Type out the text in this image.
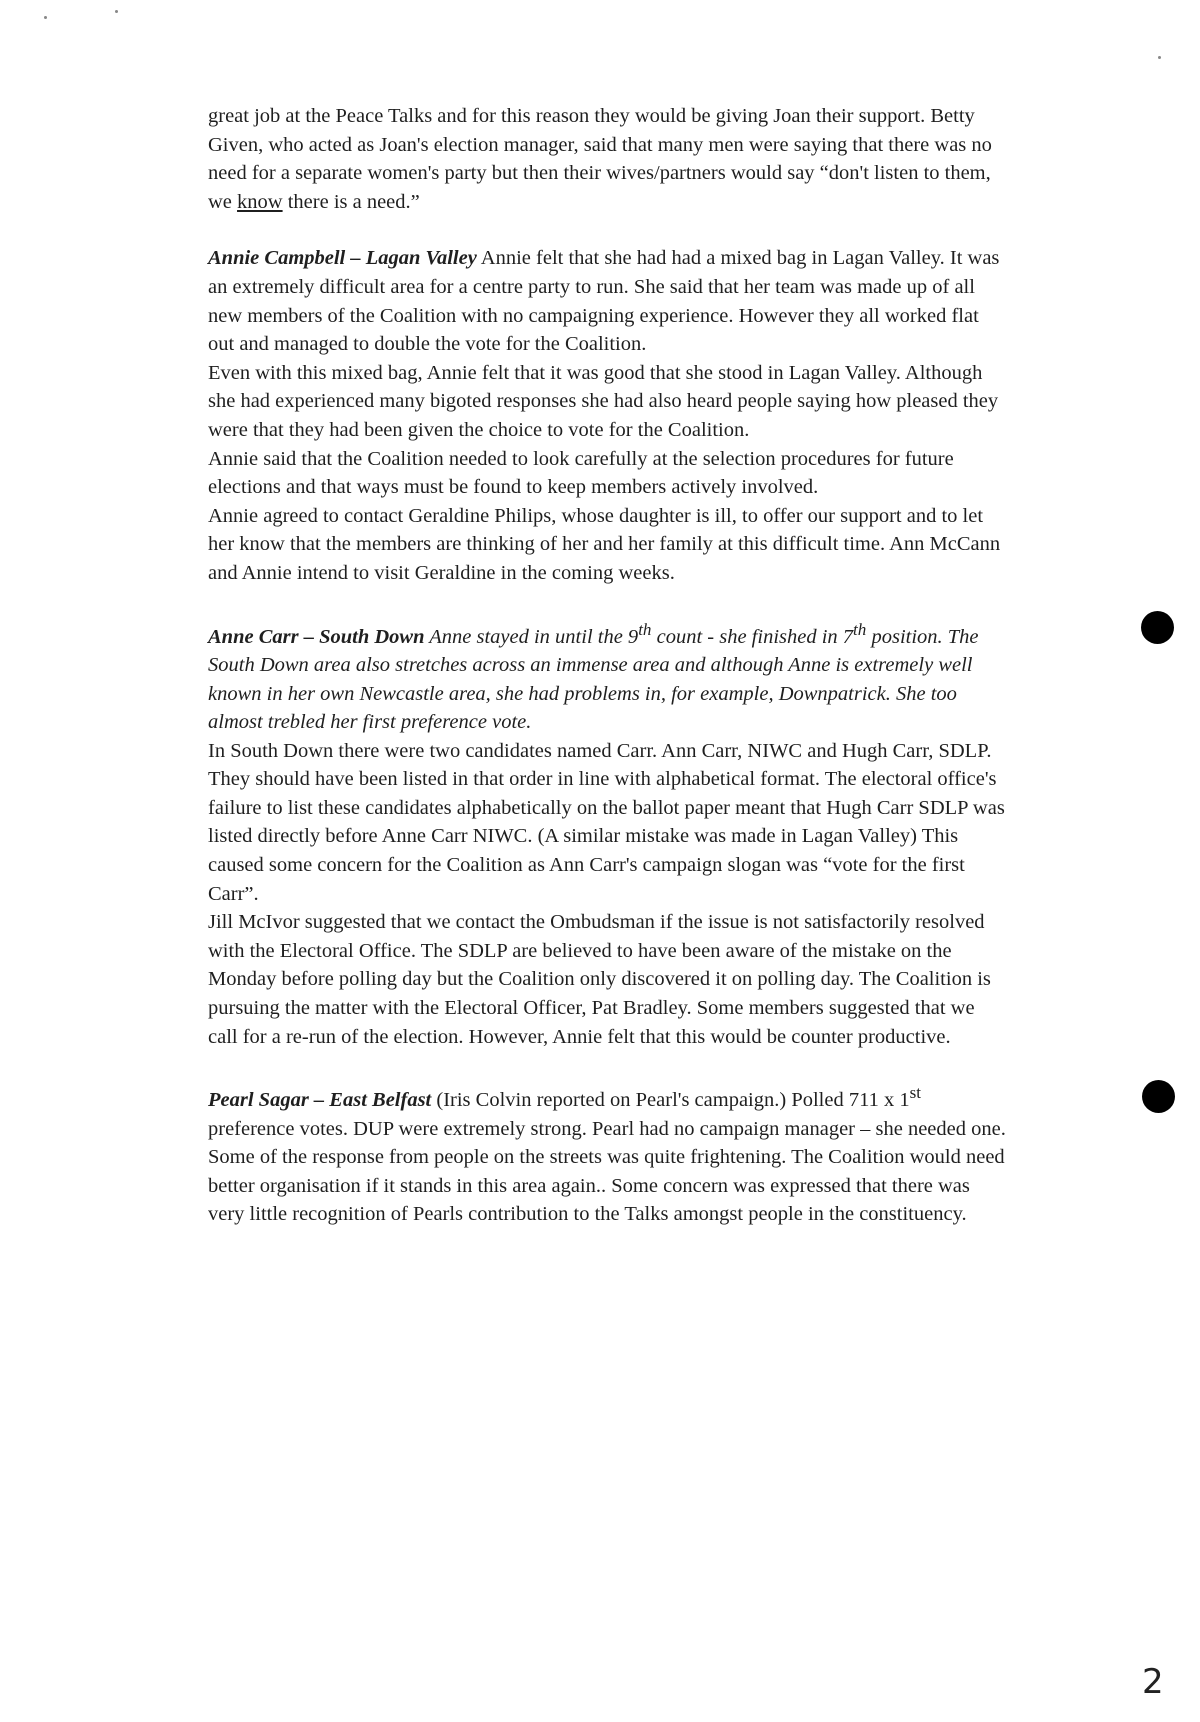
great job at the Peace Talks and for this reason they would be giving Joan their support. Betty Given, who acted as Joan's election manager, said that many men were saying that there was no need for a separate women's party but then their wives/partners would say “don't listen to them, we know there is a need.”

Annie Campbell – Lagan Valley Annie felt that she had had a mixed bag in Lagan Valley. It was an extremely difficult area for a centre party to run. She said that her team was made up of all new members of the Coalition with no campaigning experience. However they all worked flat out and managed to double the vote for the Coalition.

Even with this mixed bag, Annie felt that it was good that she stood in Lagan Valley. Although she had experienced many bigoted responses she had also heard people saying how pleased they were that they had been given the choice to vote for the Coalition.

Annie said that the Coalition needed to look carefully at the selection procedures for future elections and that ways must be found to keep members actively involved.

Annie agreed to contact Geraldine Philips, whose daughter is ill, to offer our support and to let her know that the members are thinking of her and her family at this difficult time. Ann McCann and Annie intend to visit Geraldine in the coming weeks.

Anne Carr – South Down Anne stayed in until the 9th count - she finished in 7th position. The South Down area also stretches across an immense area and although Anne is extremely well known in her own Newcastle area, she had problems in, for example, Downpatrick. She too almost trebled her first preference vote.

In South Down there were two candidates named Carr. Ann Carr, NIWC and Hugh Carr, SDLP. They should have been listed in that order in line with alphabetical format. The electoral office's failure to list these candidates alphabetically on the ballot paper meant that Hugh Carr SDLP was listed directly before Anne Carr NIWC. (A similar mistake was made in Lagan Valley) This caused some concern for the Coalition as Ann Carr's campaign slogan was “vote for the first Carr”.

Jill McIvor suggested that we contact the Ombudsman if the issue is not satisfactorily resolved with the Electoral Office. The SDLP are believed to have been aware of the mistake on the Monday before polling day but the Coalition only discovered it on polling day. The Coalition is pursuing the matter with the Electoral Officer, Pat Bradley. Some members suggested that we call for a re-run of the election. However, Annie felt that this would be counter productive.

Pearl Sagar – East Belfast (Iris Colvin reported on Pearl's campaign.) Polled 711 x 1st preference votes. DUP were extremely strong. Pearl had no campaign manager – she needed one. Some of the response from people on the streets was quite frightening. The Coalition would need better organisation if it stands in this area again.. Some concern was expressed that there was very little recognition of Pearls contribution to the Talks amongst people in the constituency.

2
